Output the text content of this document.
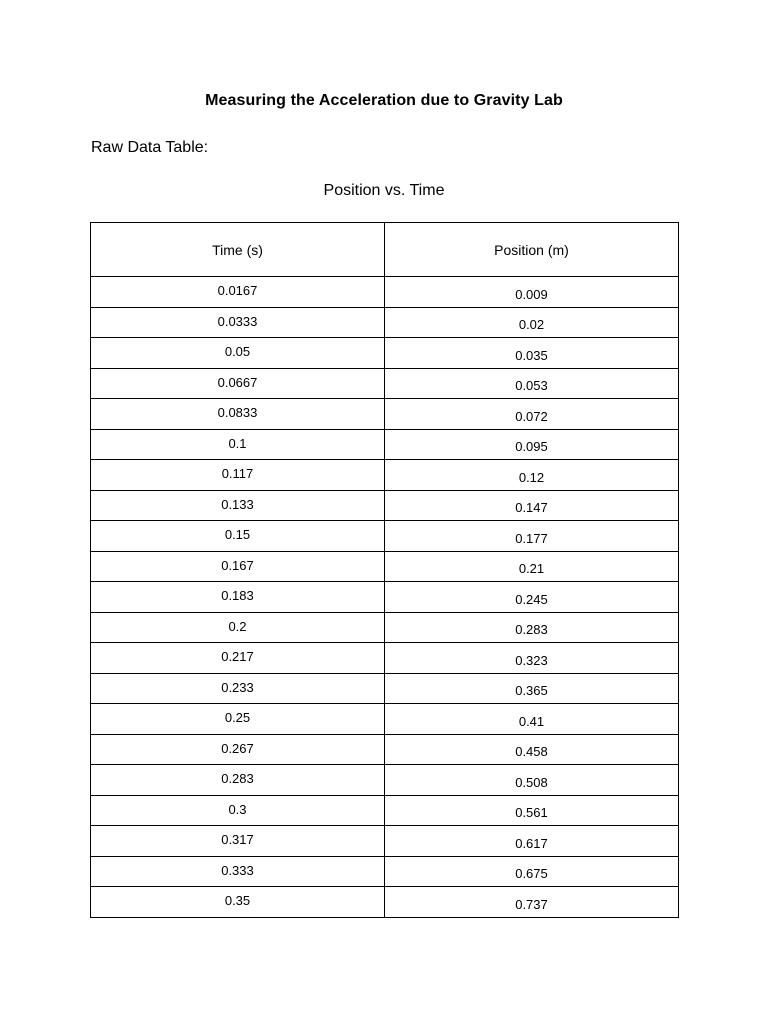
Measuring the Acceleration due to Gravity Lab
Raw Data Table:
Position vs. Time
Time (s)	Position (m)
0.0167	0.009
0.0333	0.02
0.05	0.035
0.0667	0.053
0.0833	0.072
0.1	0.095
0.117	0.12
0.133	0.147
0.15	0.177
0.167	0.21
0.183	0.245
0.2	0.283
0.217	0.323
0.233	0.365
0.25	0.41
0.267	0.458
0.283	0.508
0.3	0.561
0.317	0.617
0.333	0.675
0.35	0.737
